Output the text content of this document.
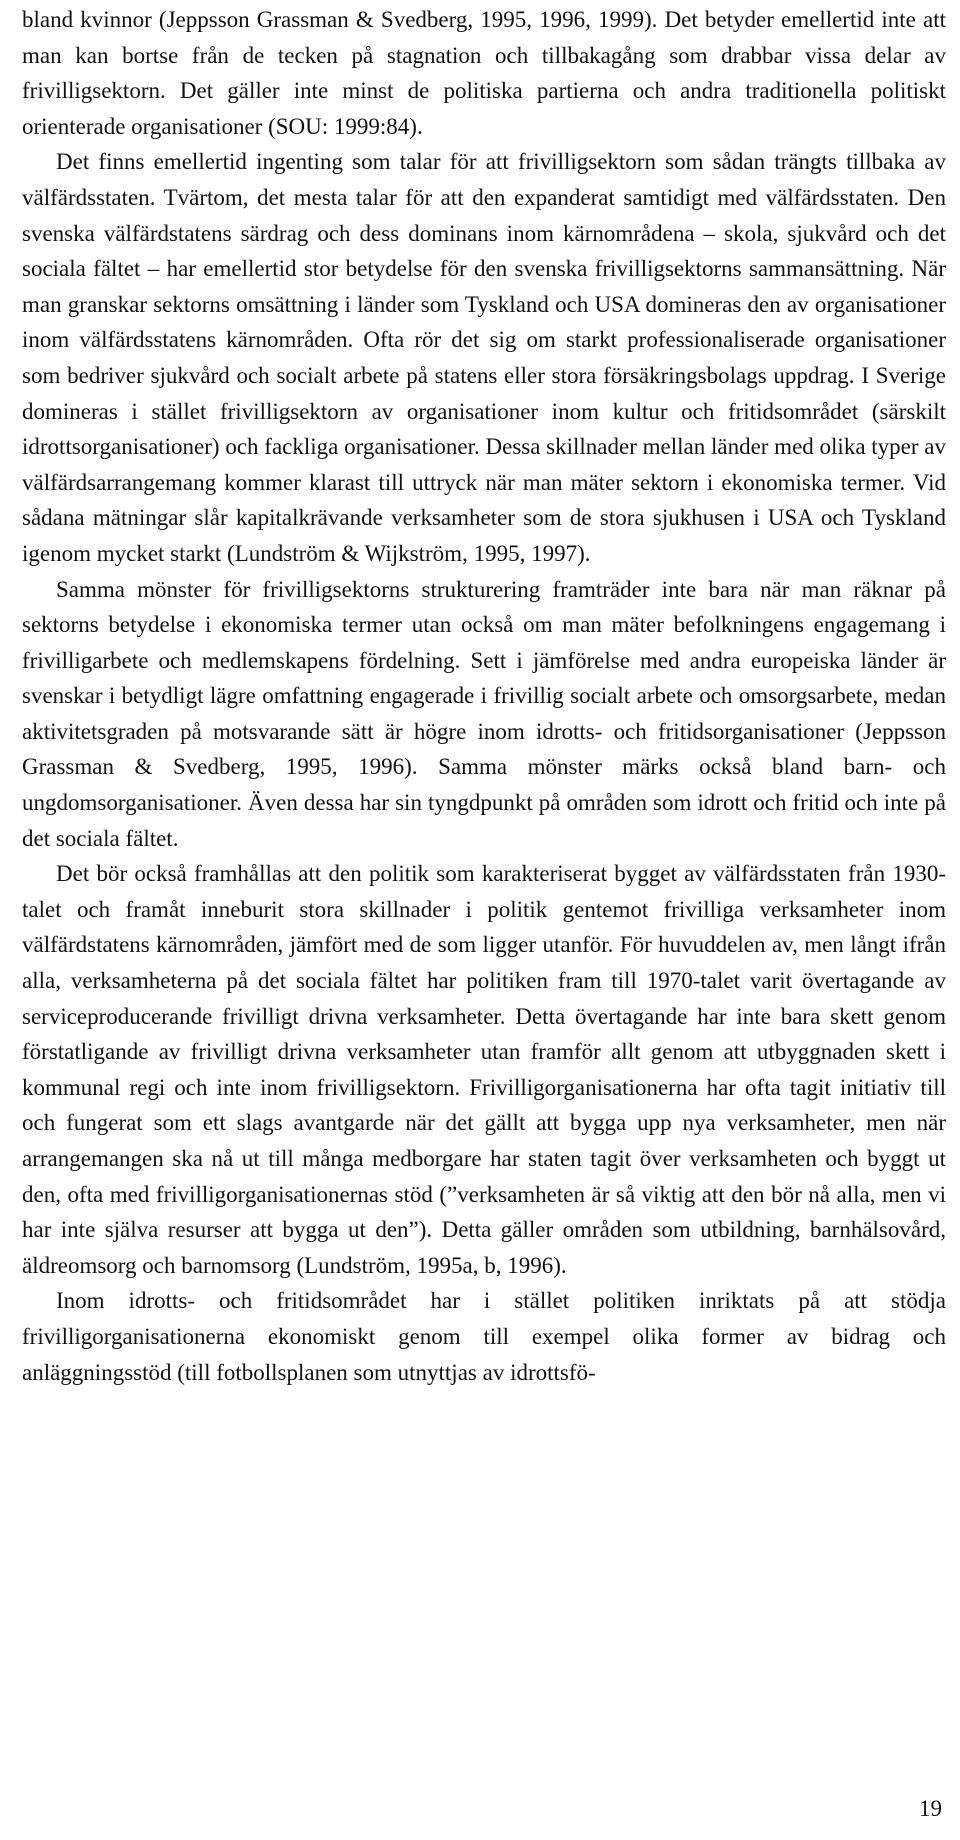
bland kvinnor (Jeppsson Grassman & Svedberg, 1995, 1996, 1999). Det betyder emellertid inte att man kan bortse från de tecken på stagnation och tillbakagång som drabbar vissa delar av frivilligsektorn. Det gäller inte minst de politiska partierna och andra traditionella politiskt orienterade organisationer (SOU: 1999:84).

Det finns emellertid ingenting som talar för att frivilligsektorn som sådan trängts tillbaka av välfärdsstaten. Tvärtom, det mesta talar för att den expanderat samtidigt med välfärdsstaten. Den svenska välfärdstatens särdrag och dess dominans inom kärnområdena – skola, sjukvård och det sociala fältet – har emellertid stor betydelse för den svenska frivilligsektorns sammansättning. När man granskar sektorns omsättning i länder som Tyskland och USA domineras den av organisationer inom välfärdsstatens kärnområden. Ofta rör det sig om starkt professionaliserade organisationer som bedriver sjukvård och socialt arbete på statens eller stora försäkringsbolags uppdrag. I Sverige domineras i stället frivilligsektorn av organisationer inom kultur och fritidsområdet (särskilt idrottsorganisationer) och fackliga organisationer. Dessa skillnader mellan länder med olika typer av välfärdsarrangemang kommer klarast till uttryck när man mäter sektorn i ekonomiska termer. Vid sådana mätningar slår kapitalkrävande verksamheter som de stora sjukhusen i USA och Tyskland igenom mycket starkt (Lundström & Wijkström, 1995, 1997).

Samma mönster för frivilligsektorns strukturering framträder inte bara när man räknar på sektorns betydelse i ekonomiska termer utan också om man mäter befolkningens engagemang i frivilligarbete och medlemskapens fördelning. Sett i jämförelse med andra europeiska länder är svenskar i betydligt lägre omfattning engagerade i frivillig socialt arbete och omsorgsarbete, medan aktivitetsgraden på motsvarande sätt är högre inom idrotts- och fritidsorganisationer (Jeppsson Grassman & Svedberg, 1995, 1996). Samma mönster märks också bland barn- och ungdomsorganisationer. Även dessa har sin tyngdpunkt på områden som idrott och fritid och inte på det sociala fältet.

Det bör också framhållas att den politik som karakteriserat bygget av välfärdsstaten från 1930-talet och framåt inneburit stora skillnader i politik gentemot frivilliga verksamheter inom välfärdstatens kärnområden, jämfört med de som ligger utanför. För huvuddelen av, men långt ifrån alla, verksamheterna på det sociala fältet har politiken fram till 1970-talet varit övertagande av serviceproducerande frivilligt drivna verksamheter. Detta övertagande har inte bara skett genom förstatligande av frivilligt drivna verksamheter utan framför allt genom att utbyggnaden skett i kommunal regi och inte inom frivilligsektorn. Frivilligorganisationerna har ofta tagit initiativ till och fungerat som ett slags avantgarde när det gällt att bygga upp nya verksamheter, men när arrangemangen ska nå ut till många medborgare har staten tagit över verksamheten och byggt ut den, ofta med frivilligorganisationernas stöd (”verksamheten är så viktig att den bör nå alla, men vi har inte själva resurser att bygga ut den”). Detta gäller områden som utbildning, barnhälsovård, äldreomsorg och barnomsorg (Lundström, 1995a, b, 1996).

Inom idrotts- och fritidsområdet har i stället politiken inriktats på att stödja frivilligorganisationerna ekonomiskt genom till exempel olika former av bidrag och anläggningsstöd (till fotbollsplanen som utnyttjas av idrottsfö-

19
